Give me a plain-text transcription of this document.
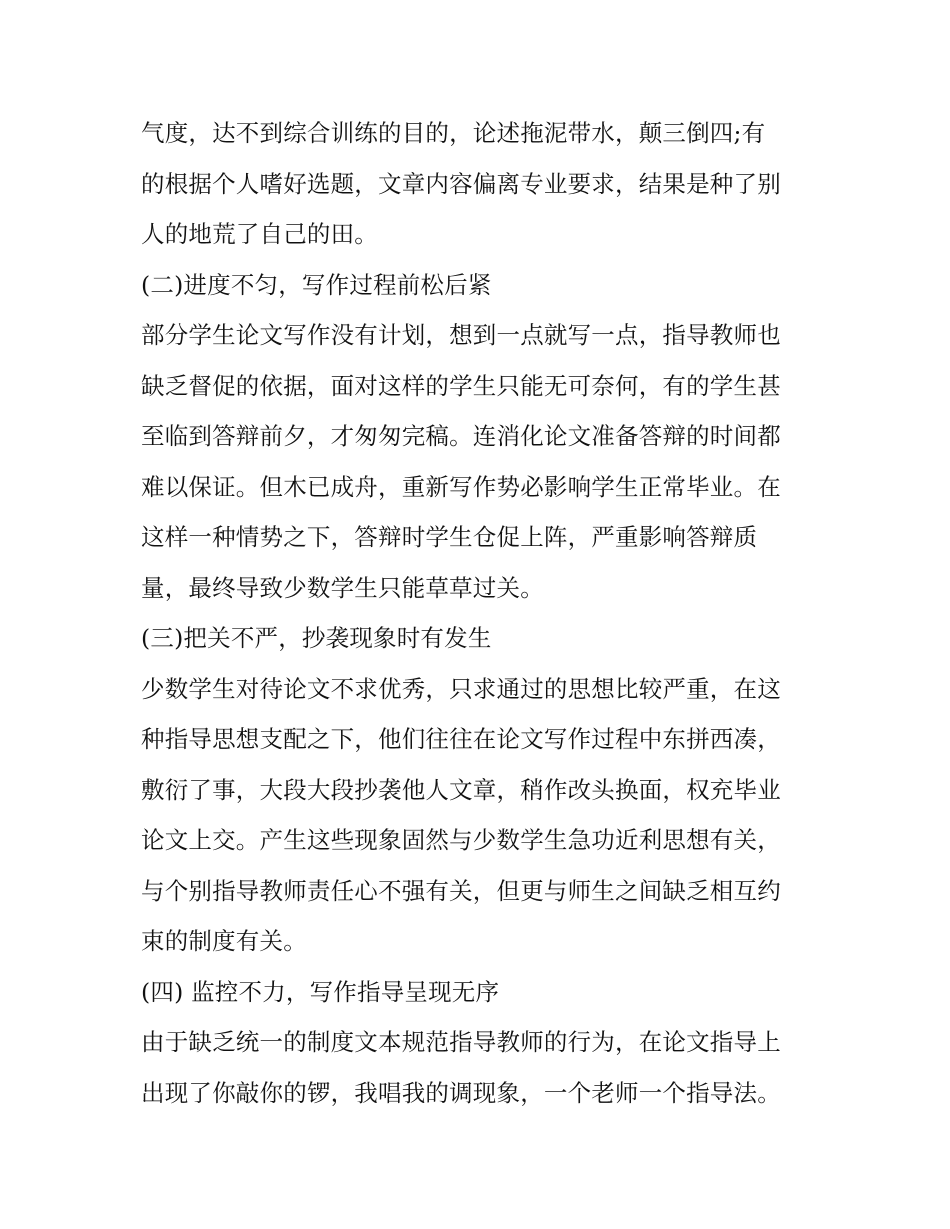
气度，达不到综合训练的目的，论述拖泥带水，颠三倒四;有
的根据个人嗜好选题，文章内容偏离专业要求，结果是种了别
人的地荒了自己的田。
(二)进度不匀，写作过程前松后紧
部分学生论文写作没有计划，想到一点就写一点，指导教师也
缺乏督促的依据，面对这样的学生只能无可奈何，有的学生甚
至临到答辩前夕，才匆匆完稿。连消化论文准备答辩的时间都
难以保证。但木已成舟，重新写作势必影响学生正常毕业。在
这样一种情势之下，答辩时学生仓促上阵，严重影响答辩质
量，最终导致少数学生只能草草过关。
(三)把关不严，抄袭现象时有发生
少数学生对待论文不求优秀，只求通过的思想比较严重，在这
种指导思想支配之下，他们往往在论文写作过程中东拼西凑，
敷衍了事，大段大段抄袭他人文章，稍作改头换面，权充毕业
论文上交。产生这些现象固然与少数学生急功近利思想有关，
与个别指导教师责任心不强有关，但更与师生之间缺乏相互约
束的制度有关。
(四) 监控不力，写作指导呈现无序
由于缺乏统一的制度文本规范指导教师的行为，在论文指导上
出现了你敲你的锣，我唱我的调现象，一个老师一个指导法。
